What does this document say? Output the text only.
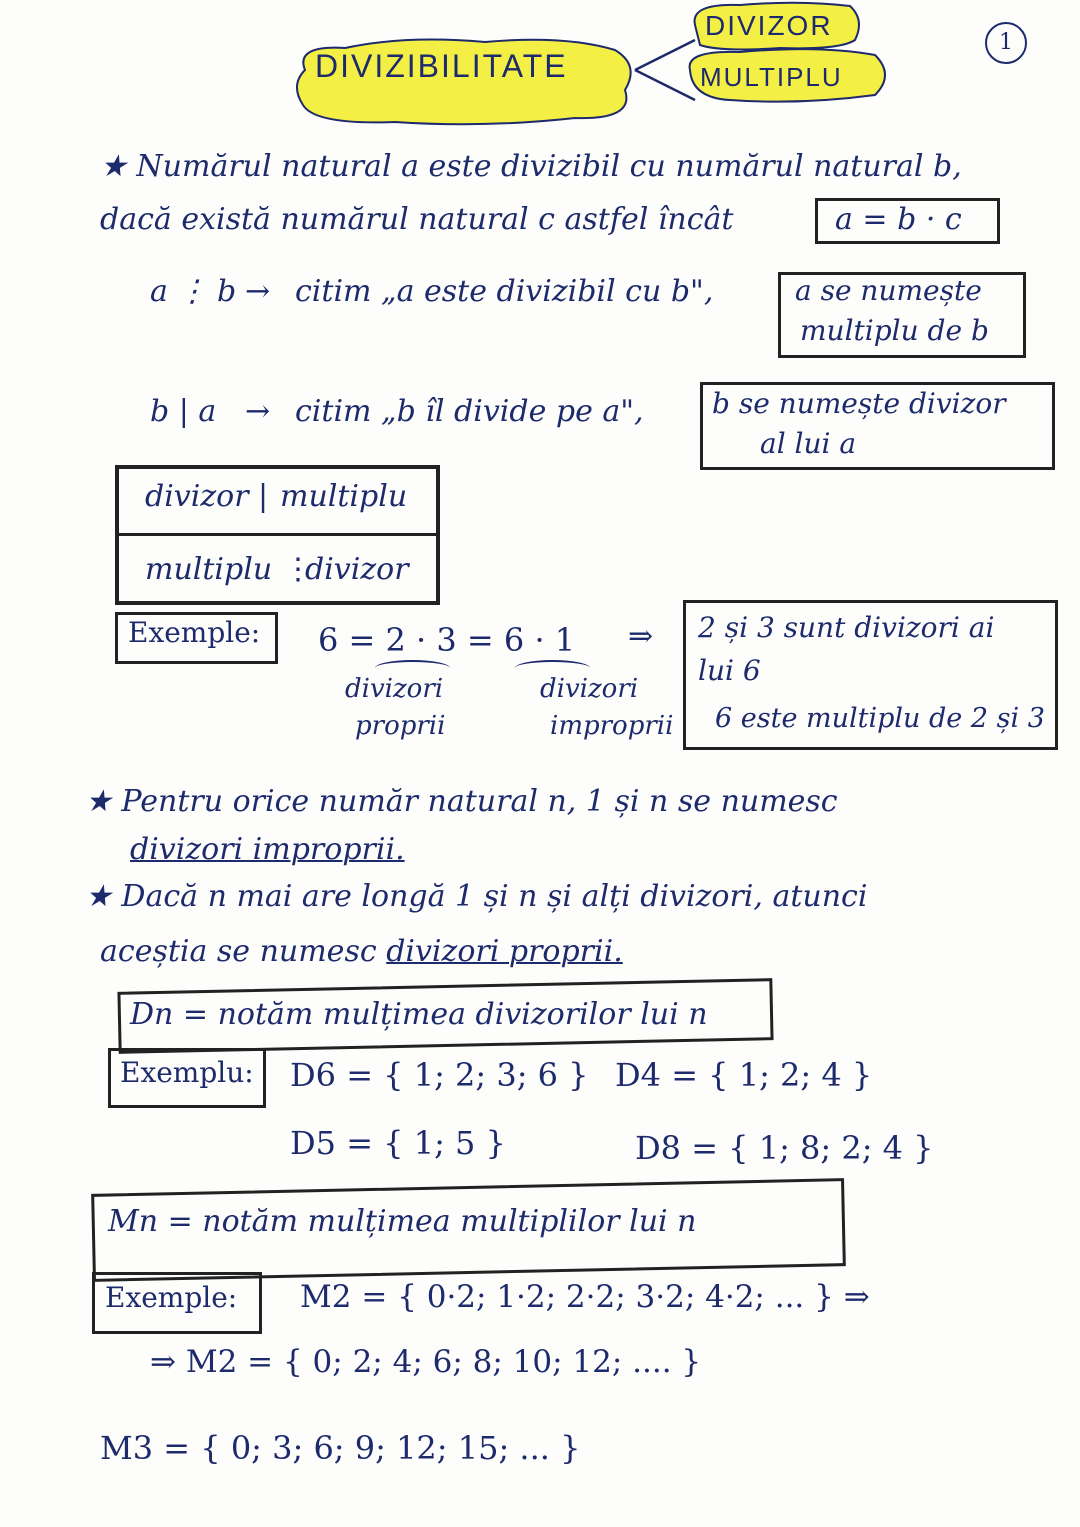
DIVIZIBILITATE
DIVIZOR
MULTIPLU
1
★ Numărul natural a este divizibil cu numărul natural b,
dacă există numărul natural c astfel încât	a = b · c
a ⋮ b → citim „a este divizibil cu b",	a se numește
multiplu de b
b | a → citim „b îl divide pe a", b se numește divizor
al lui a
divizor | multiplu
multiplu ⋮
divizor
Exemple: 6 = 2 · 3 = 6 · 1 ⇒
divizori
proprii
divizori
improprii
2 și 3 sunt divizori ai
lui 6
6 este multiplu de 2 și 3
★ Pentru orice număr natural n, 1 și n se numesc
divizori improprii.
★ Dacă n mai are longă 1 și n și alți divizori, atunci
aceștia se numesc divizori proprii.
Dn = notăm mulțimea divizorilor lui n
Exemplu: D6 = { 1; 2; 3; 6 } D4 = { 1; 2; 4 }
D5 = { 1; 5 }	D8 = { 1; 8; 2; 4 }
Mn = notăm mulțimea multiplilor lui n
Exemple: M2 = { 0·2; 1·2; 2·2; 3·2; 4·2; ... } ⇒
⇒ M2 = { 0; 2; 4; 6; 8; 10; 12; .... }
M3 = { 0; 3; 6; 9; 12; 15; ... }
